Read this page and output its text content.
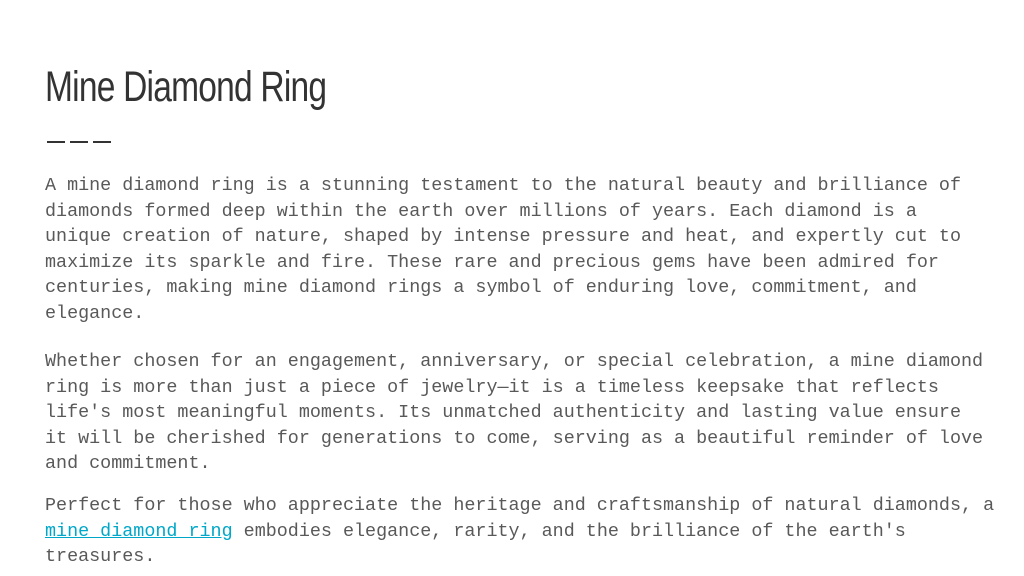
Mine Diamond Ring

A mine diamond ring is a stunning testament to the natural beauty and brilliance of diamonds formed deep within the earth over millions of years. Each diamond is a unique creation of nature, shaped by intense pressure and heat, and expertly cut to maximize its sparkle and fire. These rare and precious gems have been admired for centuries, making mine diamond rings a symbol of enduring love, commitment, and elegance.

Whether chosen for an engagement, anniversary, or special celebration, a mine diamond ring is more than just a piece of jewelry—it is a timeless keepsake that reflects life's most meaningful moments. Its unmatched authenticity and lasting value ensure it will be cherished for generations to come, serving as a beautiful reminder of love and commitment.

Perfect for those who appreciate the heritage and craftsmanship of natural diamonds, a mine diamond ring embodies elegance, rarity, and the brilliance of the earth's treasures.
